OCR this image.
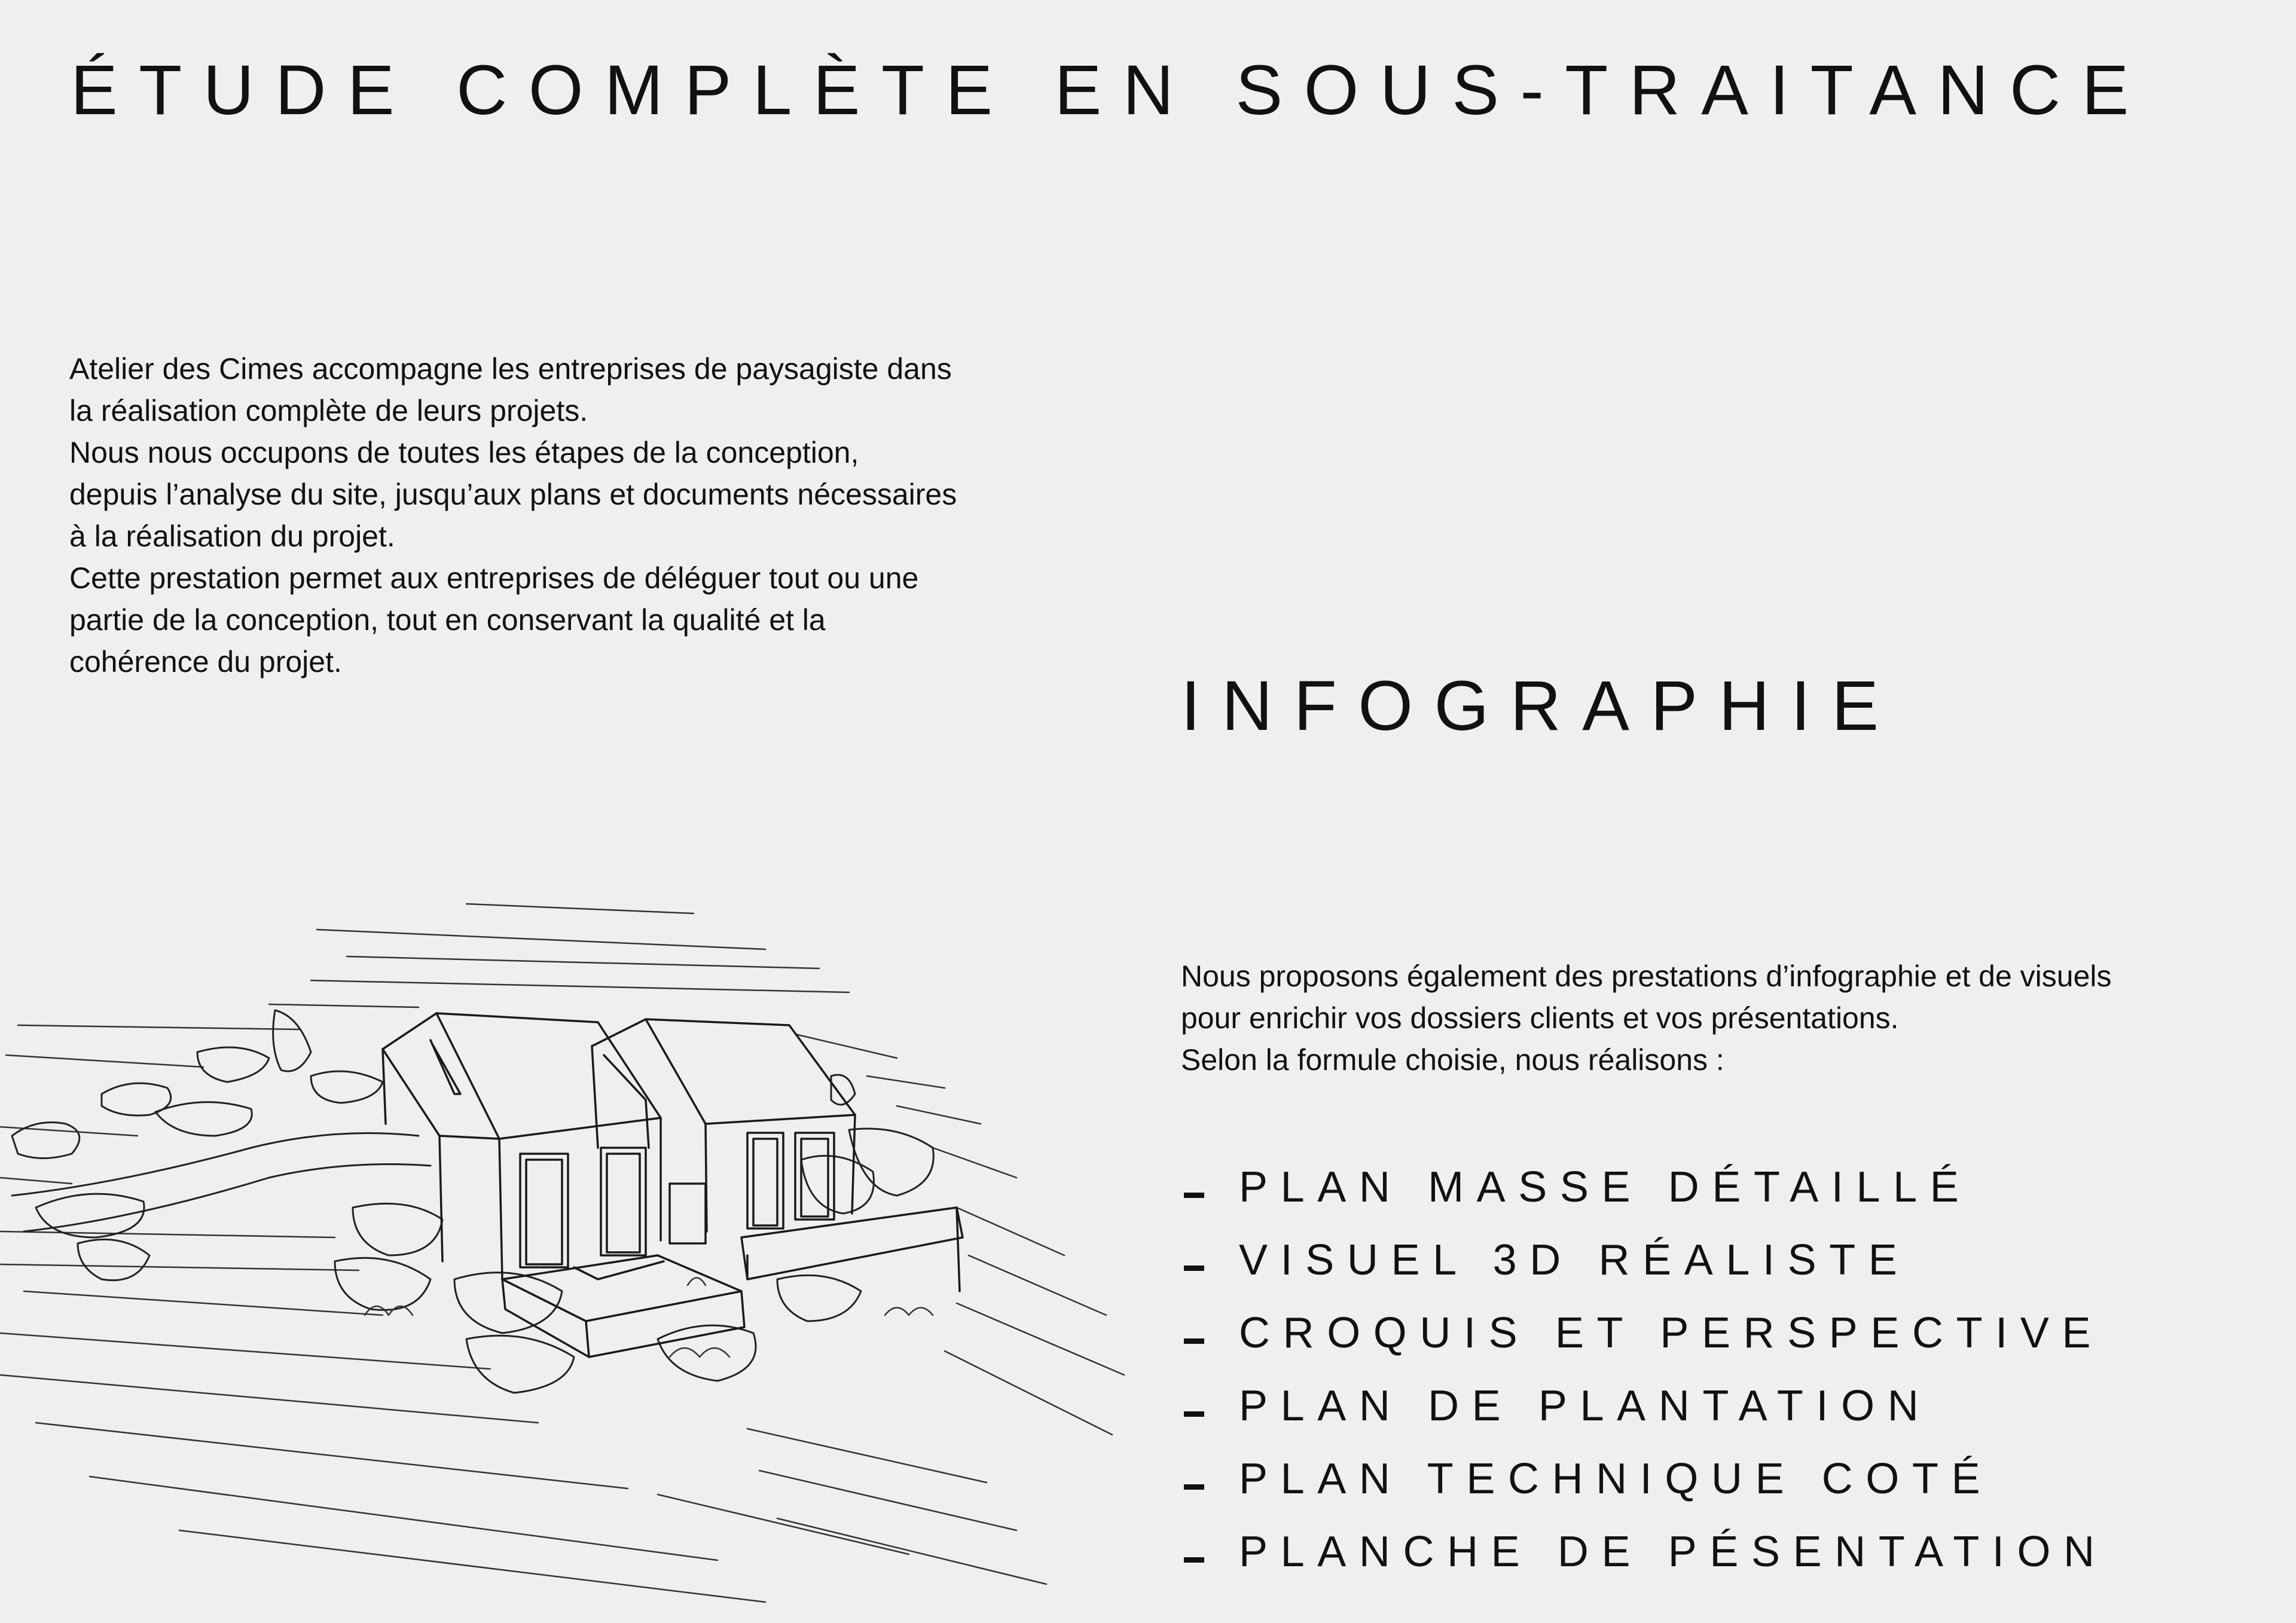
ÉTUDE COMPLÈTE EN SOUS-TRAITANCE

Atelier des Cimes accompagne les entreprises de paysagiste dans

la réalisation complète de leurs projets.

Nous nous occupons de toutes les étapes de la conception,

depuis l’analyse du site, jusqu’aux plans et documents nécessaires

à la réalisation du projet.

Cette prestation permet aux entreprises de déléguer tout ou une

partie de la conception, tout en conservant la qualité et la

cohérence du projet.

INFOGRAPHIE

Nous proposons également des prestations d’infographie et de visuels

pour enrichir vos dossiers clients et vos présentations.

Selon la formule choisie, nous réalisons :

PLAN MASSE DÉTAILLÉ
VISUEL 3D RÉALISTE
CROQUIS ET PERSPECTIVE
PLAN DE PLANTATION
PLAN TECHNIQUE COTÉ
PLANCHE DE PÉSENTATION
